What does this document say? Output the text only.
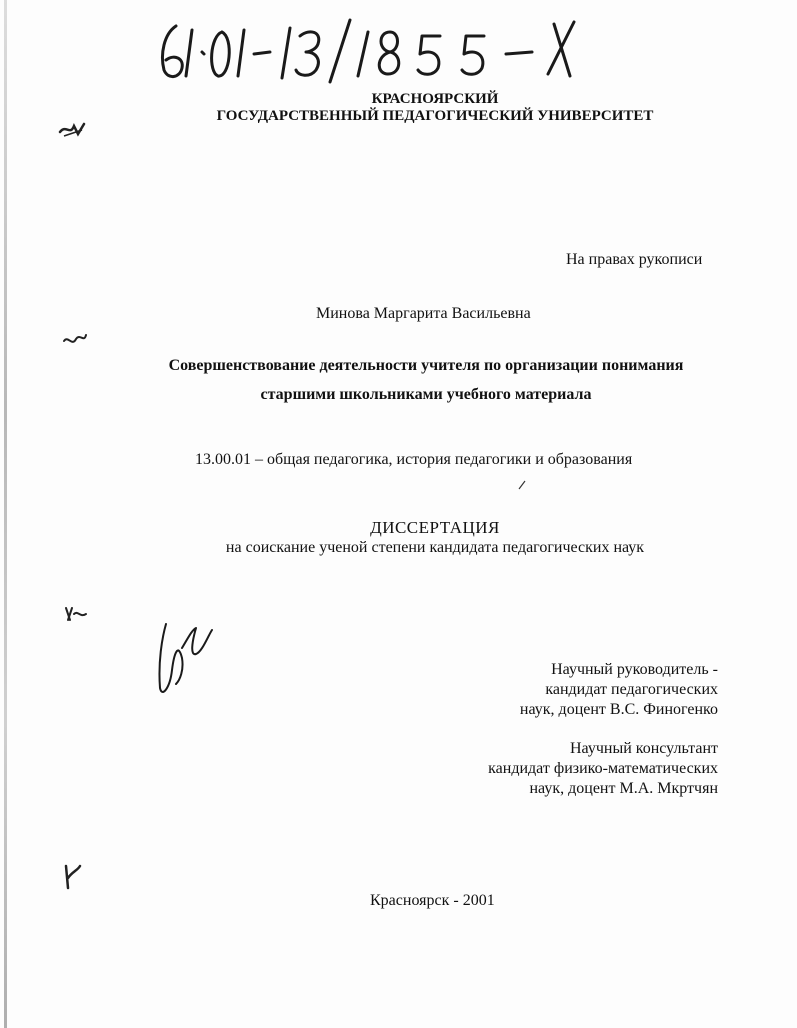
КРАСНОЯРСКИЙ
ГОСУДАРСТВЕННЫЙ ПЕДАГОГИЧЕСКИЙ УНИВЕРСИТЕТ
На правах рукописи
Минова Маргарита Васильевна
Совершенствование деятельности учителя по организации понимания
старшими школьниками учебного материала
13.00.01 – общая педагогика, история педагогики и образования
ДИССЕРТАЦИЯ
на соискание ученой степени кандидата педагогических наук
Научный руководитель -
кандидат педагогических
наук, доцент В.С. Финогенко
Научный консультант
кандидат физико-математических
наук, доцент М.А. Мкртчян
Красноярск - 2001
